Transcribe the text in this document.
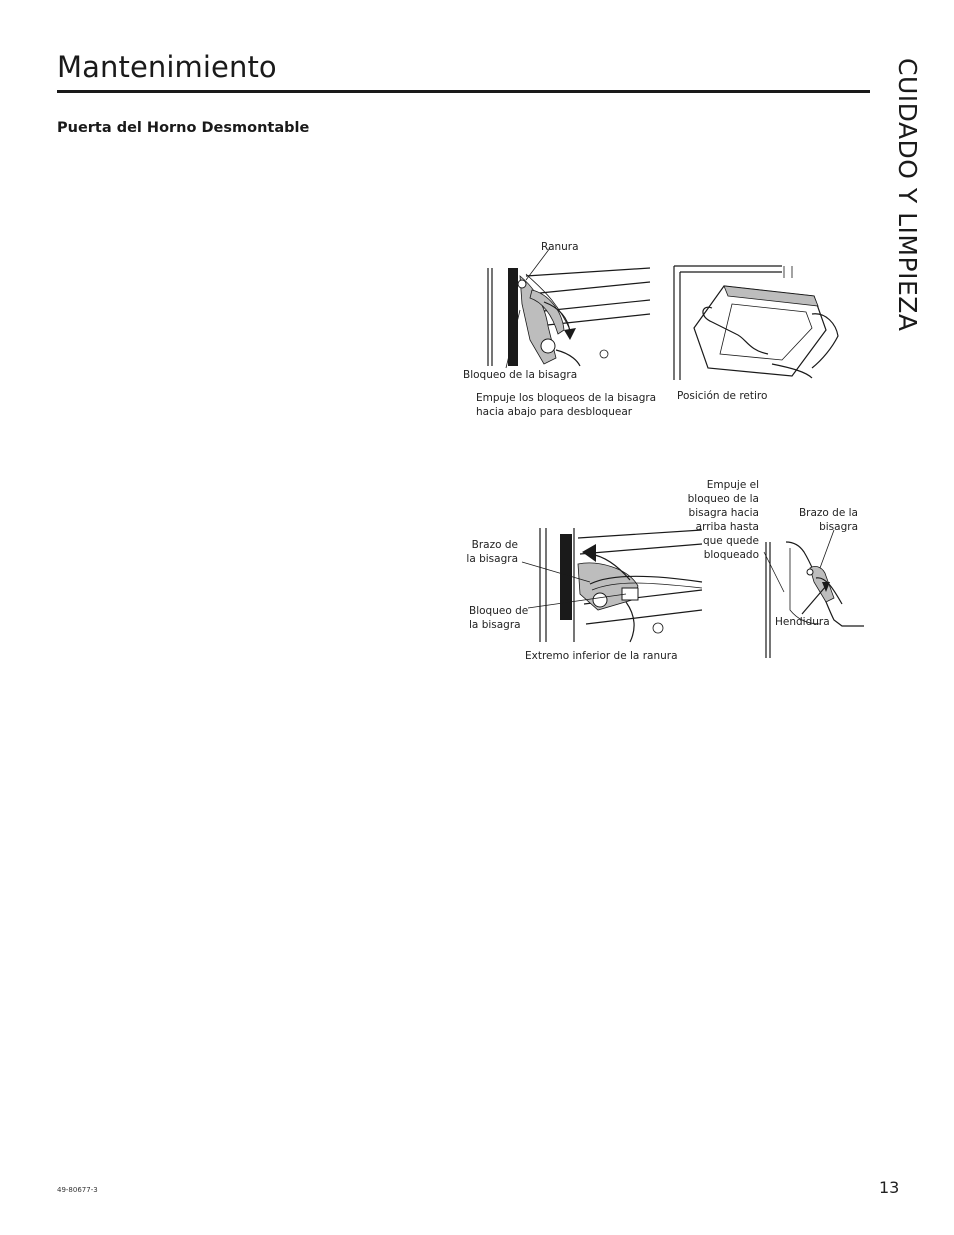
Mantenimiento
Puerta del Horno Desmontable	CUIDADO Y LIMPIEZA
Ranura
Bloqueo de la bisagra
Empuje los bloqueos de la bisagra
hacia abajo para desbloquear
Posición de retiro
Brazo de
la bisagra
Bloqueo de
la bisagra
Extremo inferior de la ranura
Empuje el
bloqueo de la
bisagra hacia
arriba hasta
que quede
bloqueado
Brazo de la
bisagra
Hendidura
49-80677-3	13
